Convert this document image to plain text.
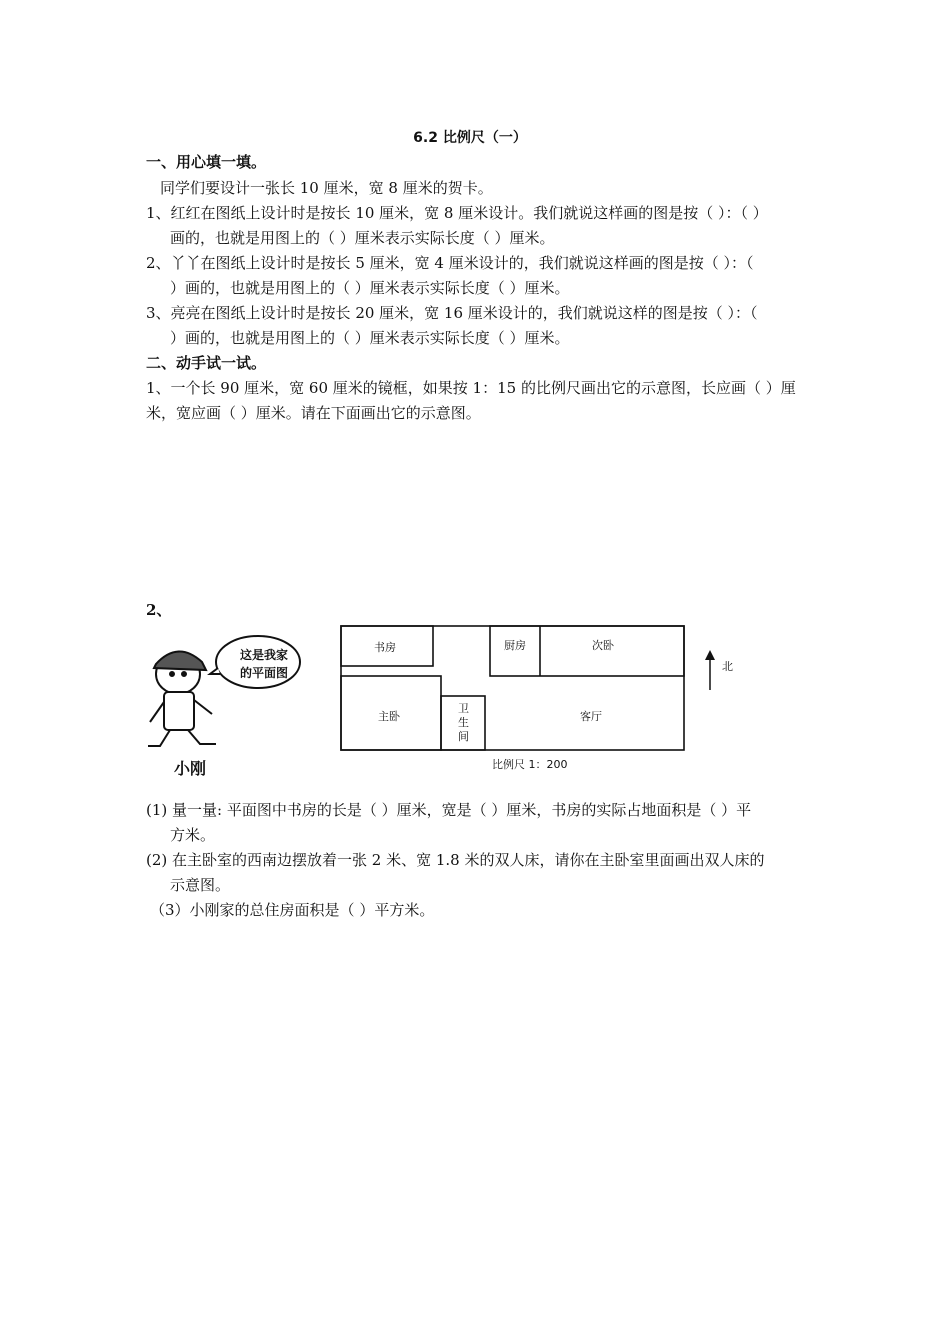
6.2 比例尺（一）
一、用心填一填。
同学们要设计一张长 10 厘米，宽 8 厘米的贺卡。
1、红红在图纸上设计时是按长 10 厘米，宽 8 厘米设计。我们就说这样画的图是按（ ）：（ ）
画的，也就是用图上的（ ）厘米表示实际长度（ ）厘米。
2、丫丫在图纸上设计时是按长 5 厘米，宽 4 厘米设计的，我们就说这样画的图是按（ ）：（
）画的，也就是用图上的（ ）厘米表示实际长度（ ）厘米。
3、亮亮在图纸上设计时是按长 20 厘米，宽 16 厘米设计的，我们就说这样的图是按（ ）：（
）画的，也就是用图上的（ ）厘米表示实际长度（ ）厘米。
二、动手试一试。
1、一个长 90 厘米，宽 60 厘米的镜框，如果按 1：15 的比例尺画出它的示意图，长应画（ ）厘
米，宽应画（ ）厘米。请在下面画出它的示意图。
2、
这是我家
的平面图
书房	厨房	次卧
主卧
卫
生
间
客厅
北
比例尺 1：200
小刚
(1) 量一量: 平面图中书房的长是（ ）厘米，宽是（ ）厘米，书房的实际占地面积是（ ）平
方米。
(2) 在主卧室的西南边摆放着一张 2 米、宽 1.8 米的双人床，请你在主卧室里面画出双人床的
示意图。
（3）小刚家的总住房面积是（ ）平方米。
